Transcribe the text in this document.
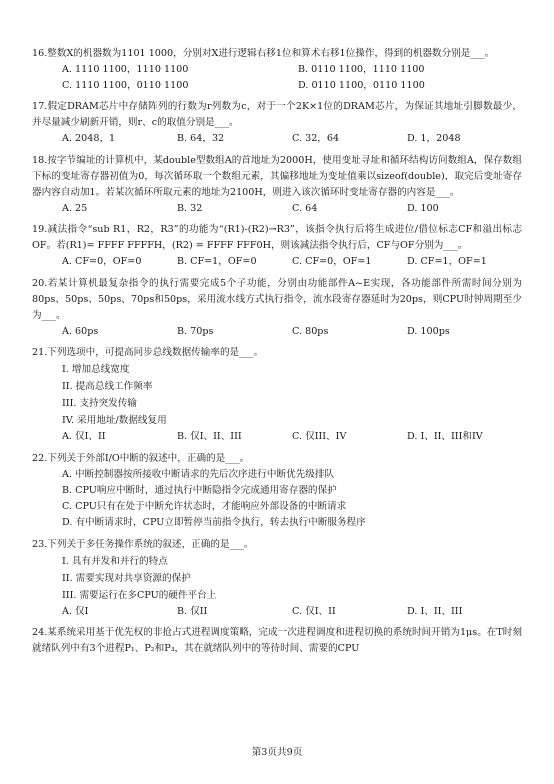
16.整数X的机器数为1101 1000，分别对X进行逻辑右移1位和算术右移1位操作，得到的机器数分别是___。

A. 1110 1100，1110 1100	B. 0110 1100，1110 1100
C. 1110 1100，0110 1100	D. 0110 1100，0110 1100

17.假定DRAM芯片中存储阵列的行数为r列数为c，对于一个2K×1位的DRAM芯片，为保证其地址引脚数最少，并尽量减少刷新开销，则r、c的取值分别是___。

A. 2048，1	B. 64，32	C. 32，64	D. 1，2048

18.按字节编址的计算机中，某double型数组A的首地址为2000H，使用变址寻址和循环结构访问数组A，保存数组下标的变址寄存器初值为0，每次循环取一个数组元素，其偏移地址为变址值乘以sizeof(double)，取完后变址寄存器内容自动加1。若某次循环所取元素的地址为2100H，则进入该次循环时变址寄存器的内容是___。

A. 25	B. 32	C. 64	D. 100

19.减法指令“sub R1，R2，R3”的功能为“(R1)-(R2)→R3”，该指令执行后将生成进位/借位标志CF和溢出标志OF。若(R1)= FFFF FFFFH，(R2) = FFFF FFF0H，则该减法指令执行后，CF与OF分别为___。

A. CF=0，OF=0	B. CF=1，OF=0	C. CF=0，OF=1	D. CF=1，OF=1

20.若某计算机最复杂指令的执行需要完成5个子功能，分别由功能部件A~E实现，各功能部件所需时间分别为80ps、50ps、50ps、70ps和50ps，采用流水线方式执行指令，流水段寄存器延时为20ps，则CPU时钟周期至少为___。

A. 60ps	B. 70ps	C. 80ps	D. 100ps

21.下列选项中，可提高同步总线数据传输率的是___。

I. 增加总线宽度
II. 提高总线工作频率
III. 支持突发传输
IV. 采用地址/数据线复用
A. 仅I、II	B. 仅I、II、III	C. 仅III、IV	D. I、II、III和IV

22.下列关于外部I/O中断的叙述中，正确的是___。

A. 中断控制器按所接收中断请求的先后次序进行中断优先级排队
B. CPU响应中断时，通过执行中断隐指令完成通用寄存器的保护
C. CPU只有在处于中断允许状态时，才能响应外部设备的中断请求
D. 有中断请求时，CPU立即暂停当前指令执行，转去执行中断服务程序

23.下列关于多任务操作系统的叙述，正确的是___。

I. 具有并发和并行的特点
II. 需要实现对共享资源的保护
III. 需要运行在多CPU的硬件平台上
A. 仅I	B. 仅II	C. 仅I、II	D. I、II、III

24.某系统采用基于优先权的非抢占式进程调度策略，完成一次进程调度和进程切换的系统时间开销为1μs。在T时刻就绪队列中有3个进程P₁、P₂和P₃，其在就绪队列中的等待时间、需要的CPU

第3页共9页
